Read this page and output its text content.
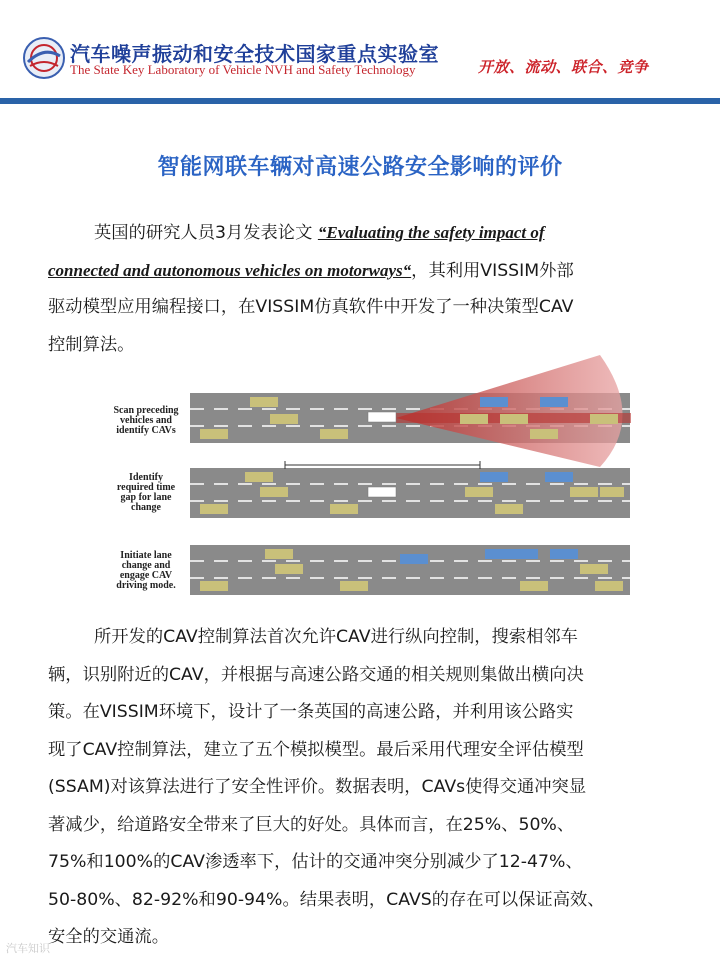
汽车噪声振动和安全技术国家重点实验室
The State Key Laboratory of Vehicle NVH and Safety Technology	开放、流动、联合、竞争
智能网联车辆对高速公路安全影响的评价
英国的研究人员3月发表论文 “Evaluating the safety impact of
connected and autonomous vehicles on motorways“，其利用VISSIM外部
驱动模型应用编程接口，在VISSIM仿真软件中开发了一种决策型CAV
控制算法。
Scan preceding
vehicles and
identify CAVs
Identify
required time
gap for lane
change
Initiate lane
change and
engage CAV
driving mode.
所开发的CAV控制算法首次允许CAV进行纵向控制，搜索相邻车
辆，识别附近的CAV，并根据与高速公路交通的相关规则集做出横向决
策。在VISSIM环境下，设计了一条英国的高速公路，并利用该公路实
现了CAV控制算法，建立了五个模拟模型。最后采用代理安全评估模型
(SSAM)对该算法进行了安全性评价。数据表明，CAVs使得交通冲突显
著减少，给道路安全带来了巨大的好处。具体而言，在25%、50%、
75%和100%的CAV渗透率下，估计的交通冲突分别减少了12-47%、
50-80%、82-92%和90-94%。结果表明，CAVS的存在可以保证高效、
安全的交通流。
汽车知识
